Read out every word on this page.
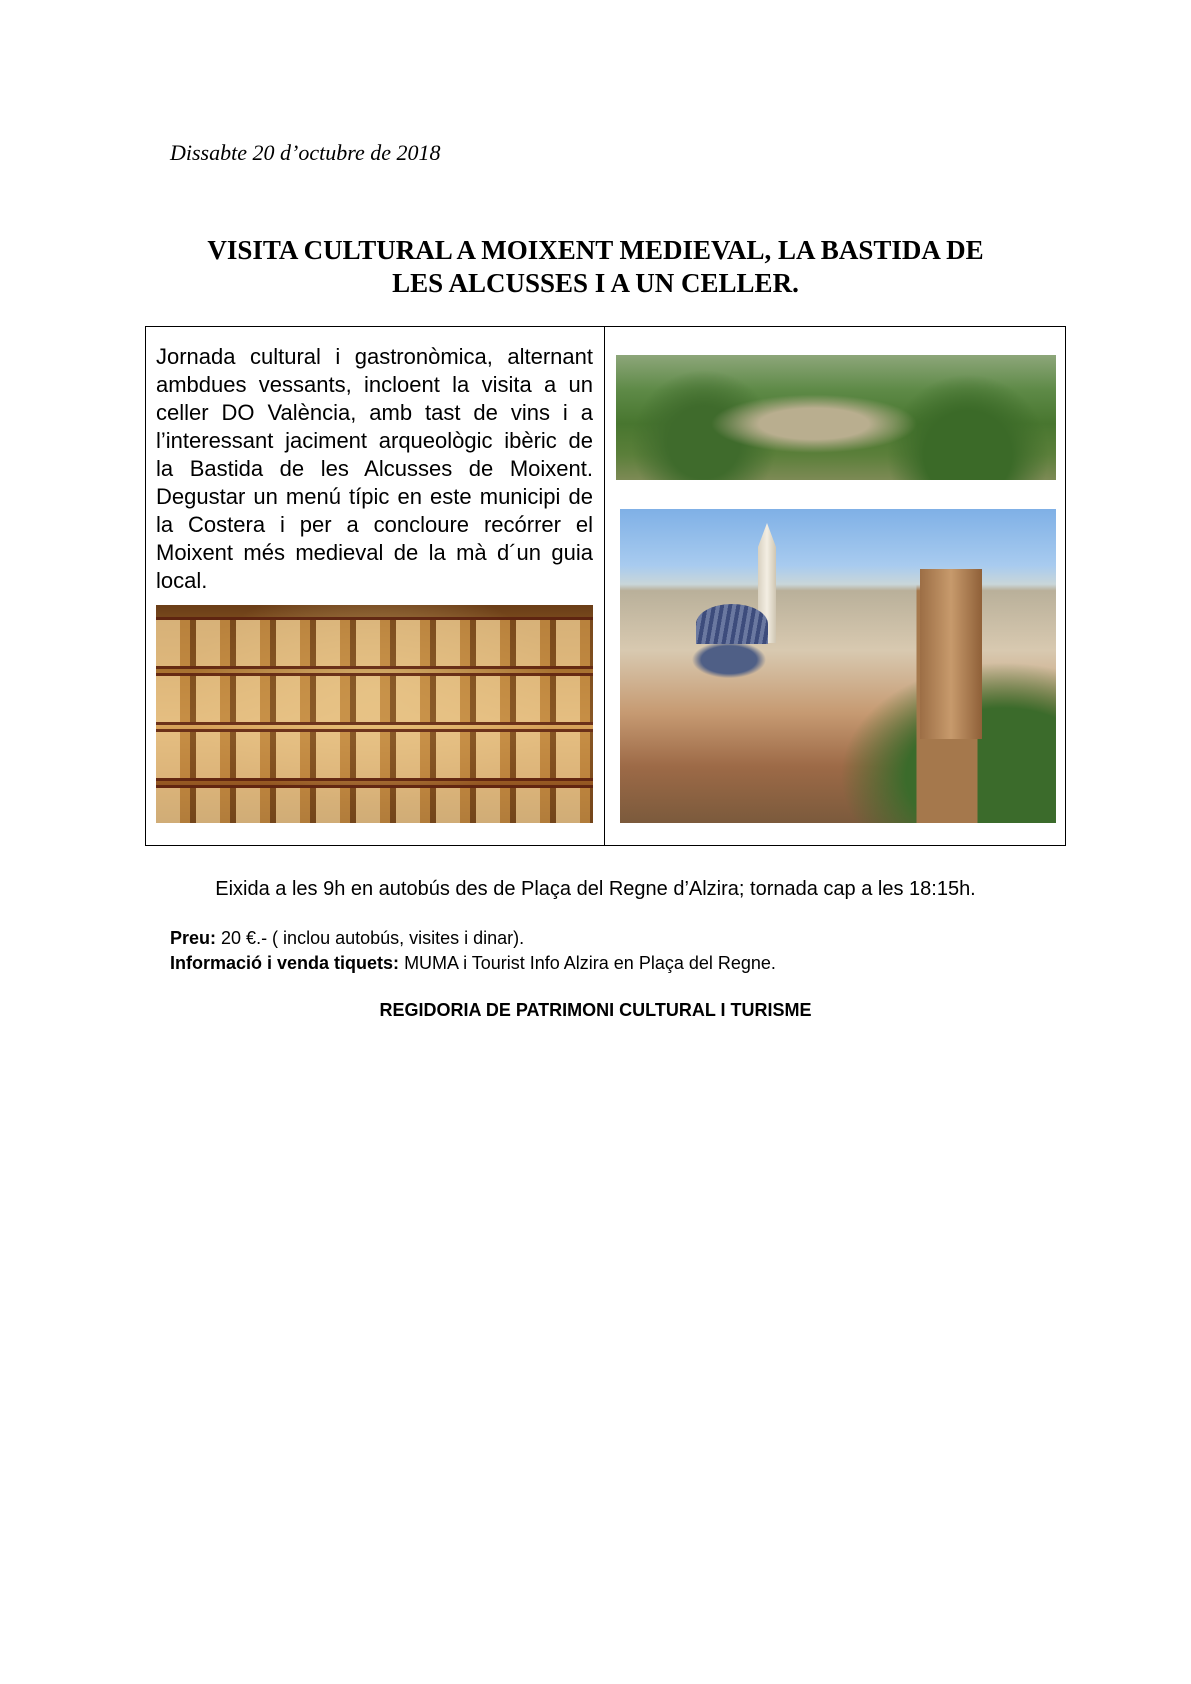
Dissabte 20 d’octubre de 2018
VISITA CULTURAL A MOIXENT MEDIEVAL, LA BASTIDA DE
LES ALCUSSES I A UN CELLER.
Jornada cultural i gastronòmica, alternant ambdues vessants, incloent la visita a un celler DO València, amb tast de vins i a l’interessant jaciment arqueològic ibèric de la Bastida de les Alcusses de Moixent. Degustar un menú típic en este municipi de la Costera i per a concloure recórrer el Moixent més medieval de la mà d´un guia local.
Eixida a les 9h en autobús des de Plaça del Regne d’Alzira; tornada cap a les 18:15h.
Preu: 20 €.- ( inclou autobús, visites i dinar).
Informació i venda tiquets: MUMA i Tourist Info Alzira en Plaça del Regne.
REGIDORIA DE PATRIMONI CULTURAL I TURISME
